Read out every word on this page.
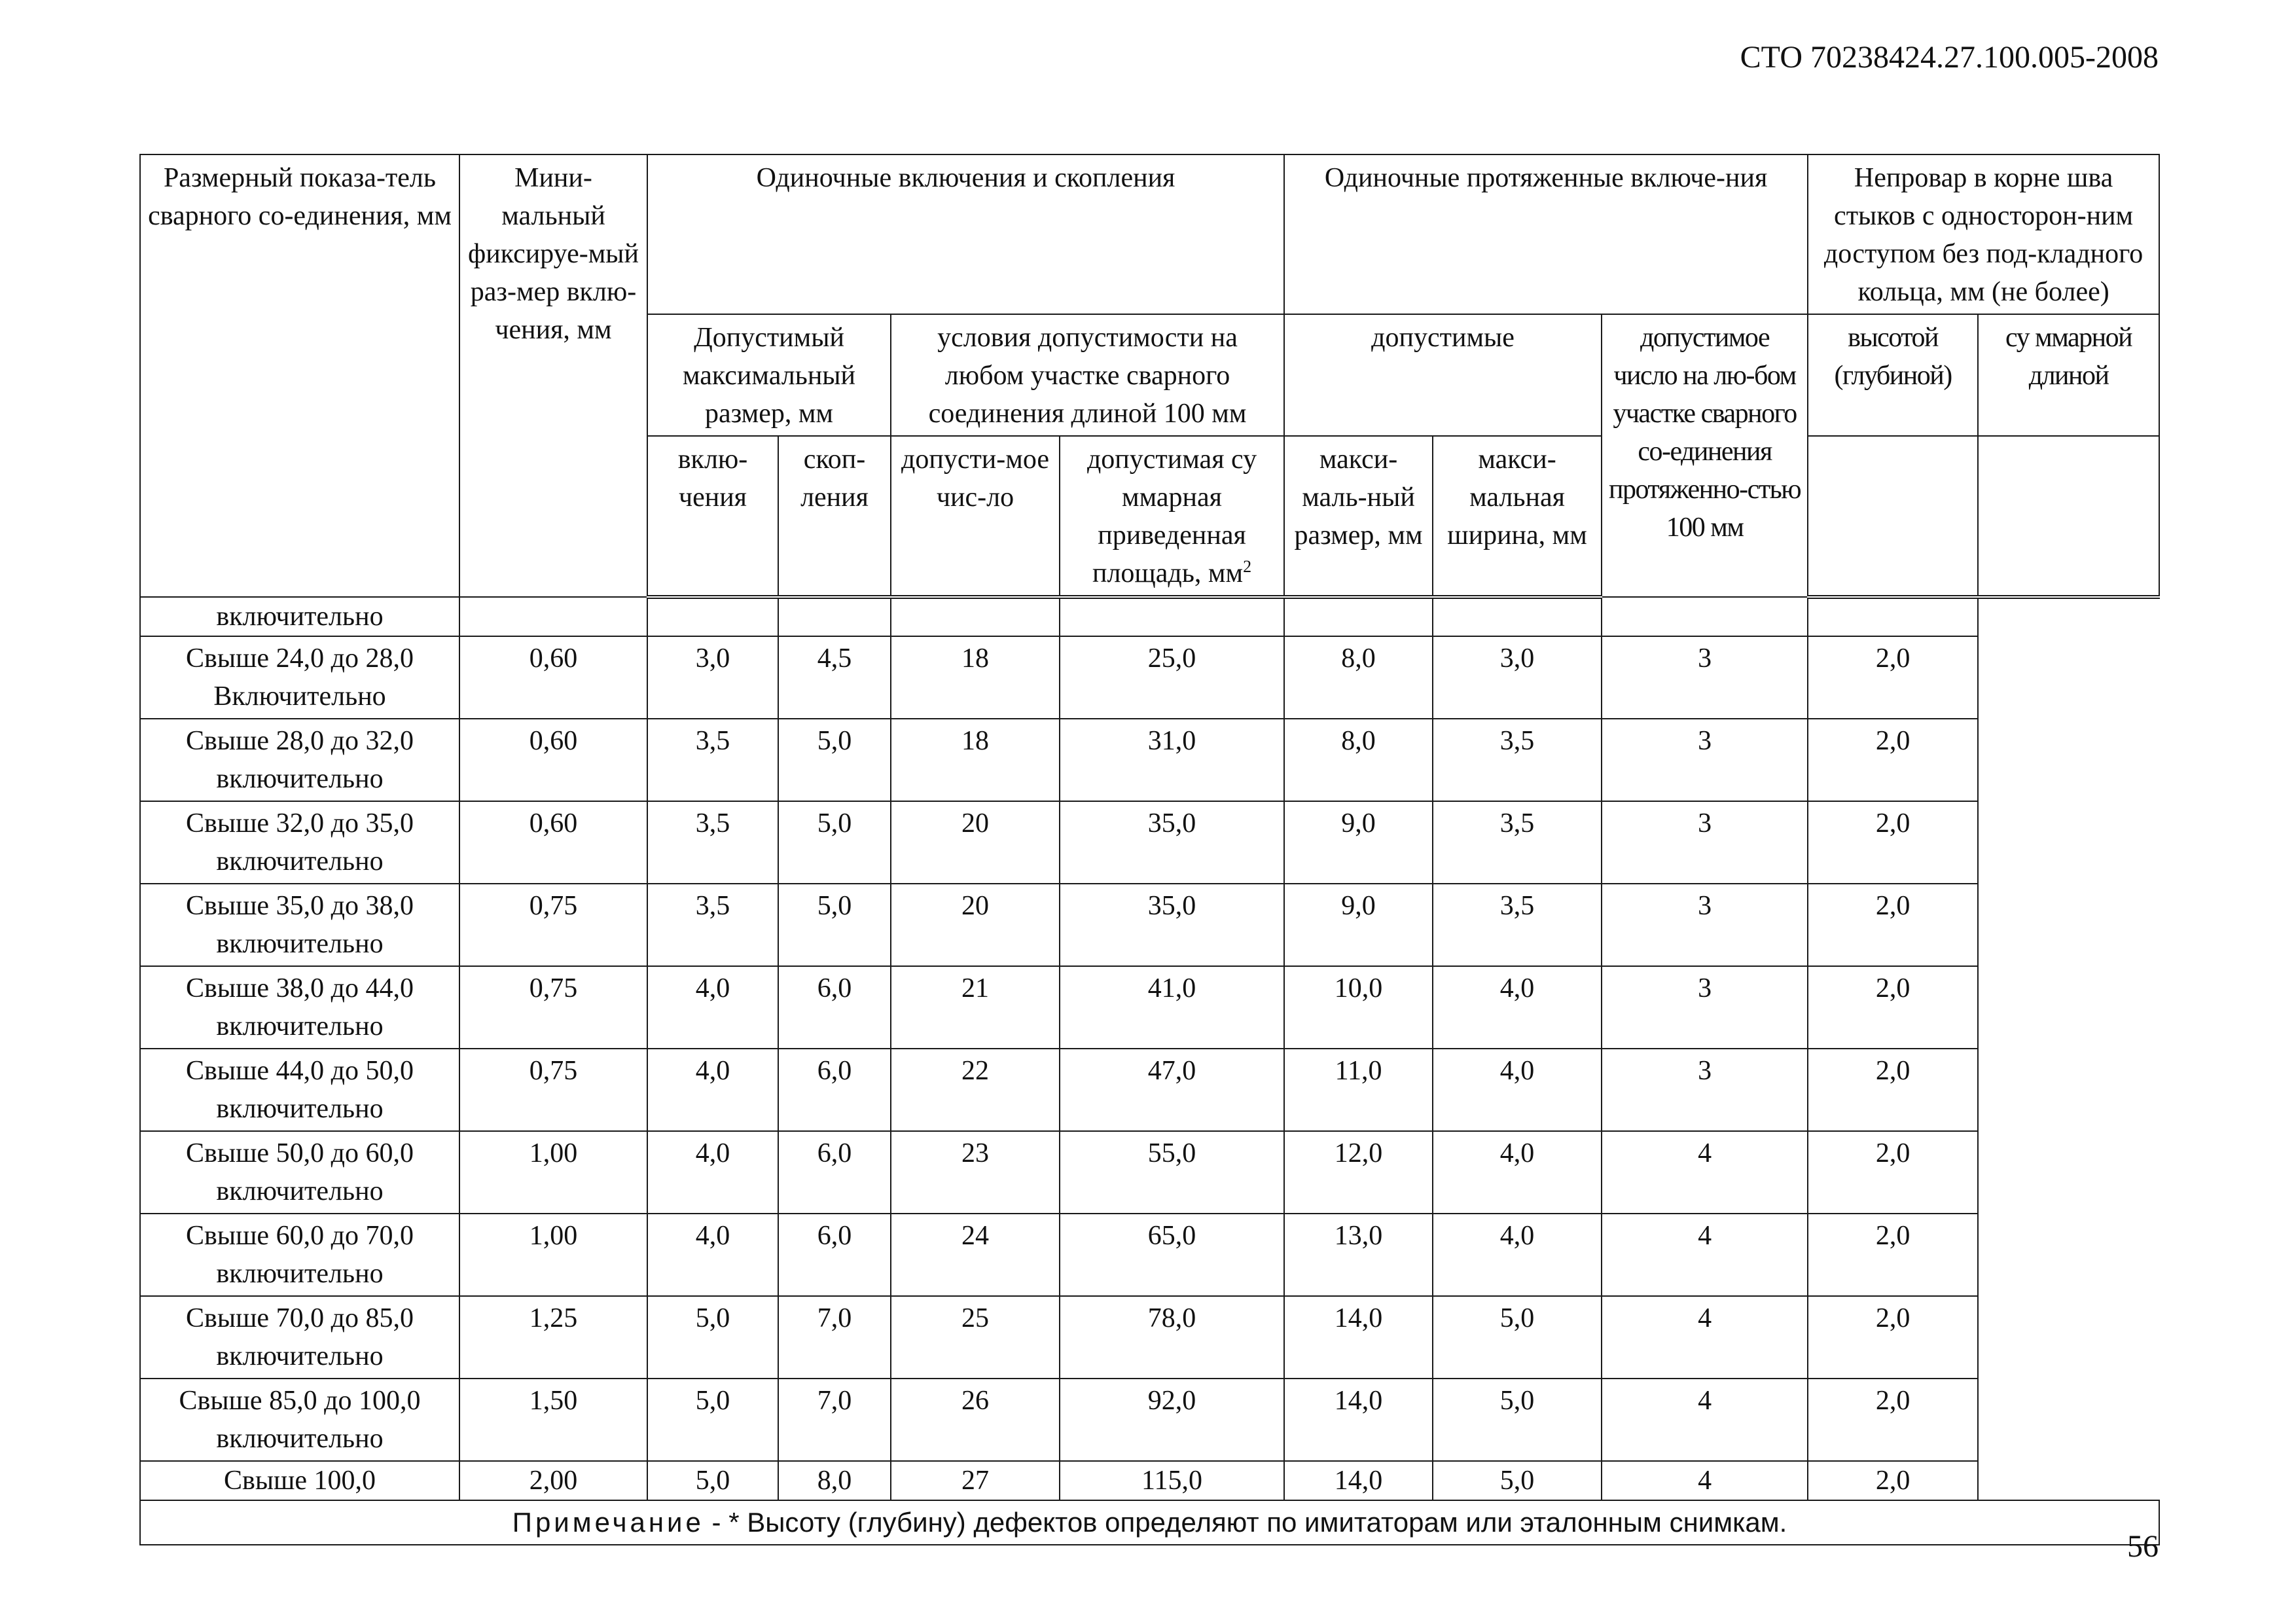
СТО 70238424.27.100.005-2008
Размерный показа-тель сварного со-единения, мм	Мини-мальный фиксируе-мый раз-мер вклю-чения, мм	Одиночные включения и скопления				Одиночные протяженные включе-ния			Непровар в корне шва стыков с односторон-ним доступом без под-кладного кольца, мм (не более)	
		Допустимый максимальный размер, мм		условия допустимости на любом участке сварного соединения длиной 100 мм		допустимые		допустимое число на лю-бом участке сварного со-единения протяженно-стью 100 мм	высотой (глубиной)	су ммарной длиной
		вклю-чения	скоп-ления	допусти-мое чис-ло	допустимая су ммарная приведенная площадь, $мм^2$	макси-маль-ный размер, мм	макси-мальная ширина, мм			
включительно										
Свыше 24,0 до 28,0 Включительно	0,60	3,0	4,5	18	25,0	8,0	3,0	3	2,0	
Свыше 28,0 до 32,0 включительно	0,60	3,5	5,0	18	31,0	8,0	3,5	3	2,0	
Свыше 32,0 до 35,0 включительно	0,60	3,5	5,0	20	35,0	9,0	3,5	3	2,0	
Свыше 35,0 до 38,0 включительно	0,75	3,5	5,0	20	35,0	9,0	3,5	3	2,0	
Свыше 38,0 до 44,0 включительно	0,75	4,0	6,0	21	41,0	10,0	4,0	3	2,0	
Свыше 44,0 до 50,0 включительно	0,75	4,0	6,0	22	47,0	11,0	4,0	3	2,0	
Свыше 50,0 до 60,0 включительно	1,00	4,0	6,0	23	55,0	12,0	4,0	4	2,0	
Свыше 60,0 до 70,0 включительно	1,00	4,0	6,0	24	65,0	13,0	4,0	4	2,0	
Свыше 70,0 до 85,0 включительно	1,25	5,0	7,0	25	78,0	14,0	5,0	4	2,0	
Свыше 85,0 до 100,0 включительно	1,50	5,0	7,0	26	92,0	14,0	5,0	4	2,0	
Свыше 100,0	2,00	5,0	8,0	27	115,0	14,0	5,0	4	2,0	
Примечание - * Высоту (глубину) дефектов определяют по имитаторам или эталонным снимкам.										
56
